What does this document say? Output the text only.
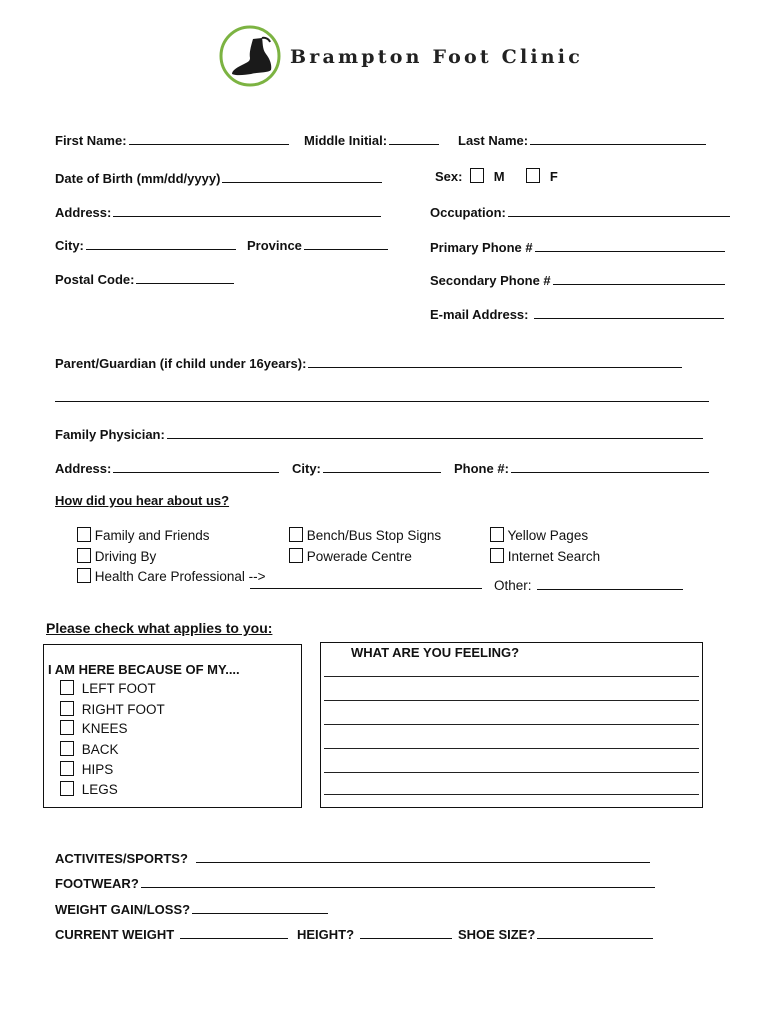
Brampton Foot Clinic
First Name:	Middle Initial:	Last Name:
Date of Birth (mm/dd/yyyy)	Sex: M	F
Address:	Occupation:
City:	Province	Primary Phone #
Postal Code:	Secondary Phone #
E-mail Address:
Parent/Guardian (if child under 16years):
Family Physician:
Address:	City:	Phone #:
How did you hear about us?
Family and Friends
Driving By
Health Care Professional -->
Bench/Bus Stop Signs
Powerade Centre
Yellow Pages
Internet Search
Other:
Please check what applies to you:
I AM HERE BECAUSE OF MY....
LEFT FOOT
RIGHT FOOT
KNEES
BACK
HIPS
LEGS
WHAT ARE YOU FEELING?
ACTIVITES/SPORTS?
FOOTWEAR?
WEIGHT GAIN/LOSS?
CURRENT WEIGHT	HEIGHT?	SHOE SIZE?
